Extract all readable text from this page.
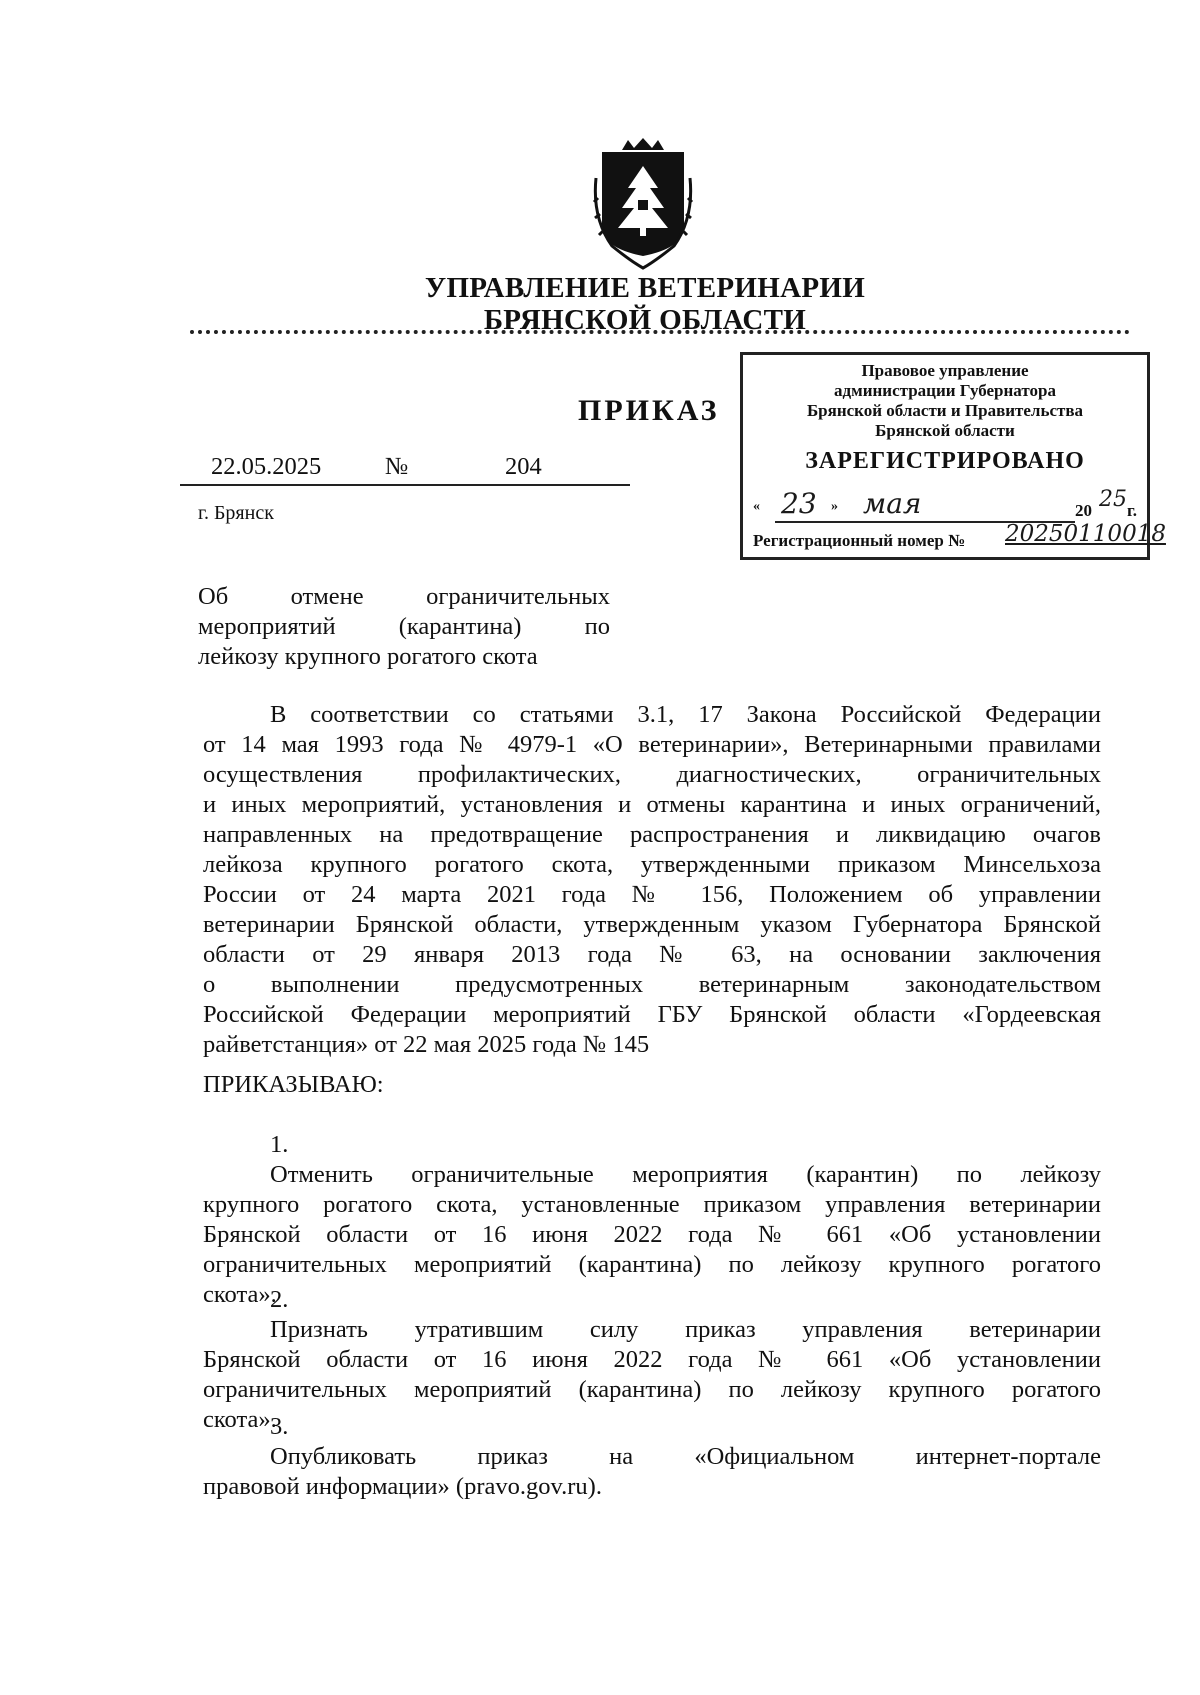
УПРАВЛЕНИЕ ВЕТЕРИНАРИИ
БРЯНСКОЙ ОБЛАСТИ
ПРИКАЗ
Правовое управление
администрации Губернатора
Брянской области и Правительства
Брянской области
ЗАРЕГИСТРИРОВАНО
« 23 » мая	20 25 г.
Регистрационный номер № 20250110018
22.05.2025	№	204
г. Брянск
Об отмене ограничительных
мероприятий (карантина) по
лейкозу крупного рогатого скота
В соответствии со статьями 3.1, 17 Закона Российской Федерации
от 14 мая 1993 года № 4979-1 «О ветеринарии», Ветеринарными правилами
осуществления профилактических, диагностических, ограничительных
и иных мероприятий, установления и отмены карантина и иных ограничений,
направленных на предотвращение распространения и ликвидацию очагов
лейкоза крупного рогатого скота, утвержденными приказом Минсельхоза
России от 24 марта 2021 года № 156, Положением об управлении
ветеринарии Брянской области, утвержденным указом Губернатора Брянской
области от 29 января 2013 года № 63, на основании заключения
о выполнении предусмотренных ветеринарным законодательством
Российской Федерации мероприятий ГБУ Брянской области «Гордеевская
райветстанция» от 22 мая 2025 года № 145
ПРИКАЗЫВАЮ:
1.
Отменить ограничительные мероприятия (карантин) по лейкозу
крупного рогатого скота, установленные приказом управления ветеринарии
Брянской области от 16 июня 2022 года № 661 «Об установлении
ограничительных мероприятий (карантина) по лейкозу крупного рогатого
скота».
2.
Признать утратившим силу приказ управления ветеринарии
Брянской области от 16 июня 2022 года № 661 «Об установлении
ограничительных мероприятий (карантина) по лейкозу крупного рогатого
скота».
3.
Опубликовать приказ на «Официальном интернет-портале
правовой информации» (pravo.gov.ru).
